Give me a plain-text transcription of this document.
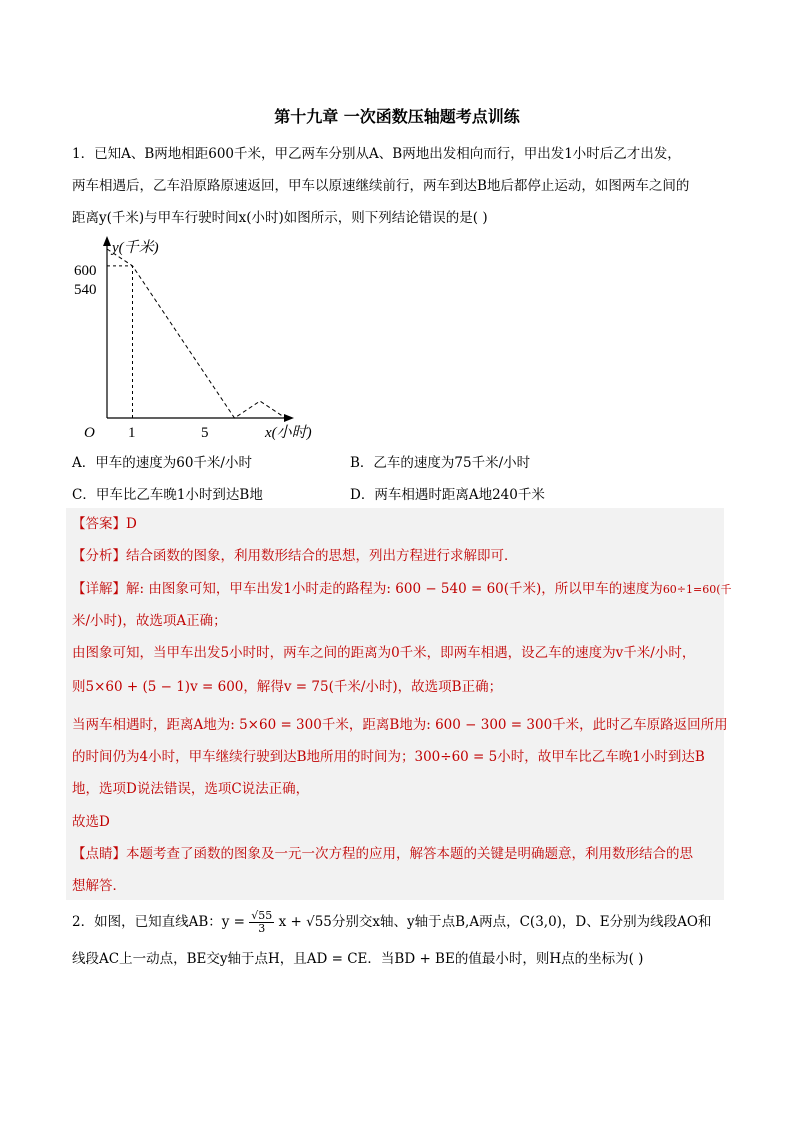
第十九章 一次函数压轴题考点训练
1．已知A、B两地相距600千米，甲乙两车分别从A、B两地出发相向而行，甲出发1小时后乙才出发，
两车相遇后，乙车沿原路原速返回，甲车以原速继续前行，两车到达B地后都停止运动，如图两车之间的
距离y(千米)与甲车行驶时间x(小时)如图所示，则下列结论错误的是( )
y(千米)
x(小时)
O
600
540
1	5
A．甲车的速度为60千米/小时	B．乙车的速度为75千米/小时
C．甲车比乙车晚1小时到达B地	D．两车相遇时距离A地240千米
【答案】D
【分析】结合函数的图象，利用数形结合的思想，列出方程进行求解即可．
【详解】解: 由图象可知，甲车出发1小时走的路程为: 600 − 540 = 60(千米)，所以甲车的速度为60÷1=60(千
米/小时)，故选项A正确；
由图象可知，当甲车出发5小时时，两车之间的距离为0千米，即两车相遇，设乙车的速度为v千米/小时，
则5×60 + (5 − 1)v = 600，解得v = 75(千米/小时)，故选项B正确；
当两车相遇时，距离A地为: 5×60 = 300千米，距离B地为: 600 − 300 = 300千米，此时乙车原路返回所用
的时间仍为4小时，甲车继续行驶到达B地所用的时间为；300÷60 = 5小时，故甲车比乙车晚1小时到达B
地，选项D说法错误，选项C说法正确，
故选D
【点睛】本题考查了函数的图象及一元一次方程的应用，解答本题的关键是明确题意，利用数形结合的思
想解答．
2．如图，已知直线AB：$y = \frac{√55}{3}$ x + √55分别交x轴、y轴于点B,A两点，C(3,0)，D、E分别为线段AO和
线段AC上一动点，BE交y轴于点H，且AD = CE．当BD + BE的值最小时，则H点的坐标为( )
